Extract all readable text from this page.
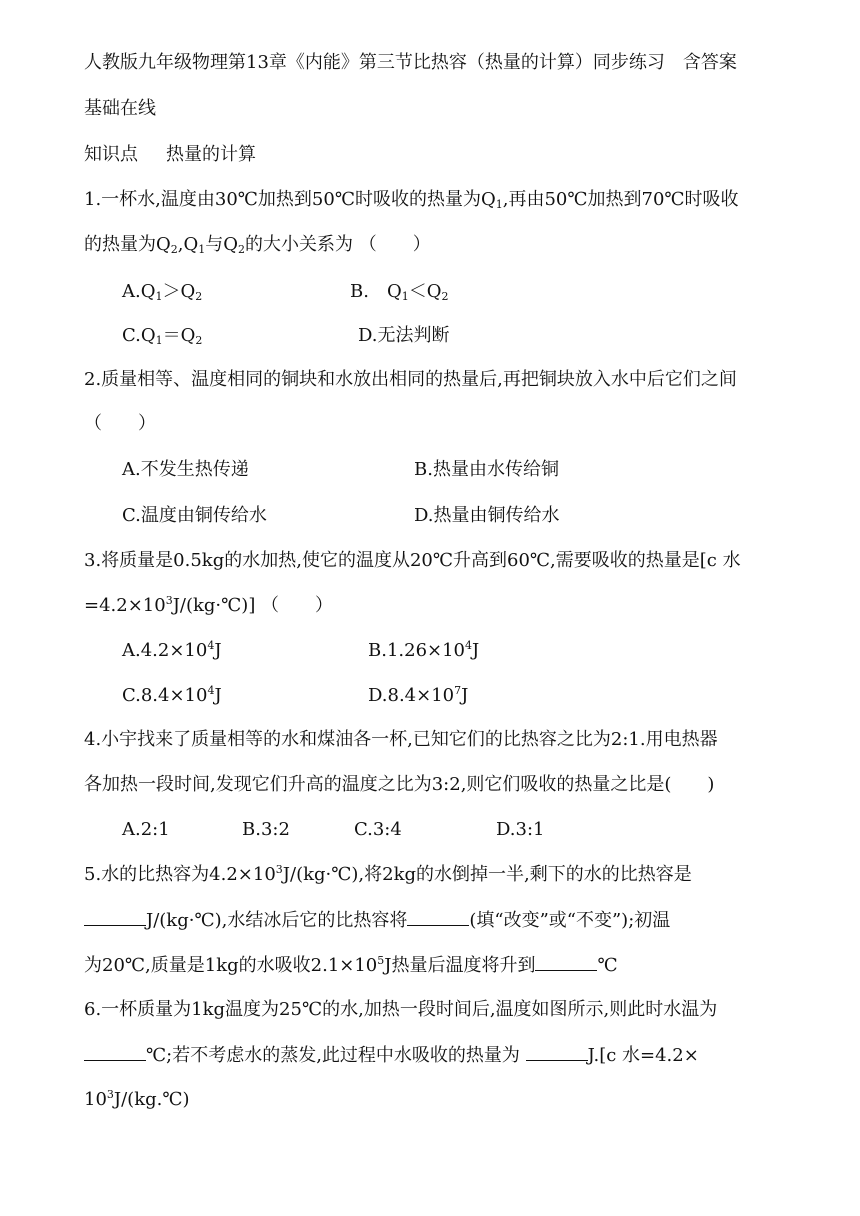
人教版九年级物理第13章《内能》第三节比热容（热量的计算）同步练习　含答案
基础在线
知识点 热量的计算
1.一杯水,温度由30℃加热到50℃时吸收的热量为$Q_1$,再由50℃加热到70℃时吸收
的热量为$Q_2,Q_1$与$Q_2$的大小关系为 （　　）
$A.Q_1>Q_2$	B.　$Q_1<Q_2$
$C.Q_1=Q_2$	D.无法判断
2.质量相等、温度相同的铜块和水放出相同的热量后,再把铜块放入水中后它们之间
（　　）
A.不发生热传递	B.热量由水传给铜
C.温度由铜传给水	D.热量由铜传给水
3.将质量是0.5kg的水加热,使它的温度从20℃升高到60℃,需要吸收的热量是[c 水
$=4.2\times 10^3J/(kg\cdot℃)$] （　　）
$A.4.2\times 10^4J$	$B.1.26\times 10^4J$
$C.8.4\times 10^4J$	$D.8.4\times 10^7J$
4.小宇找来了质量相等的水和煤油各一杯,已知它们的比热容之比为2:1.用电热器
各加热一段时间,发现它们升高的温度之比为3:2,则它们吸收的热量之比是(　　)
A.2:1	B.3:2	C.3:4	D.3:1
5.水的比热容为$4.2\times 10^3J/(kg\cdot℃)$,将2kg的水倒掉一半,剩下的水的比热容是
J/(kg·℃),水结冰后它的比热容将	(填“改变”或“不变”);初温
为20℃,质量是1kg的水吸收$2.1\times 10^5J$热量后温度将升到	℃
6.一杯质量为1kg温度为25℃的水,加热一段时间后,温度如图所示,则此时水温为
℃;若不考虑水的蒸发,此过程中水吸收的热量为	J.[c 水=4.2×
$10^3J/(kg.℃)$
